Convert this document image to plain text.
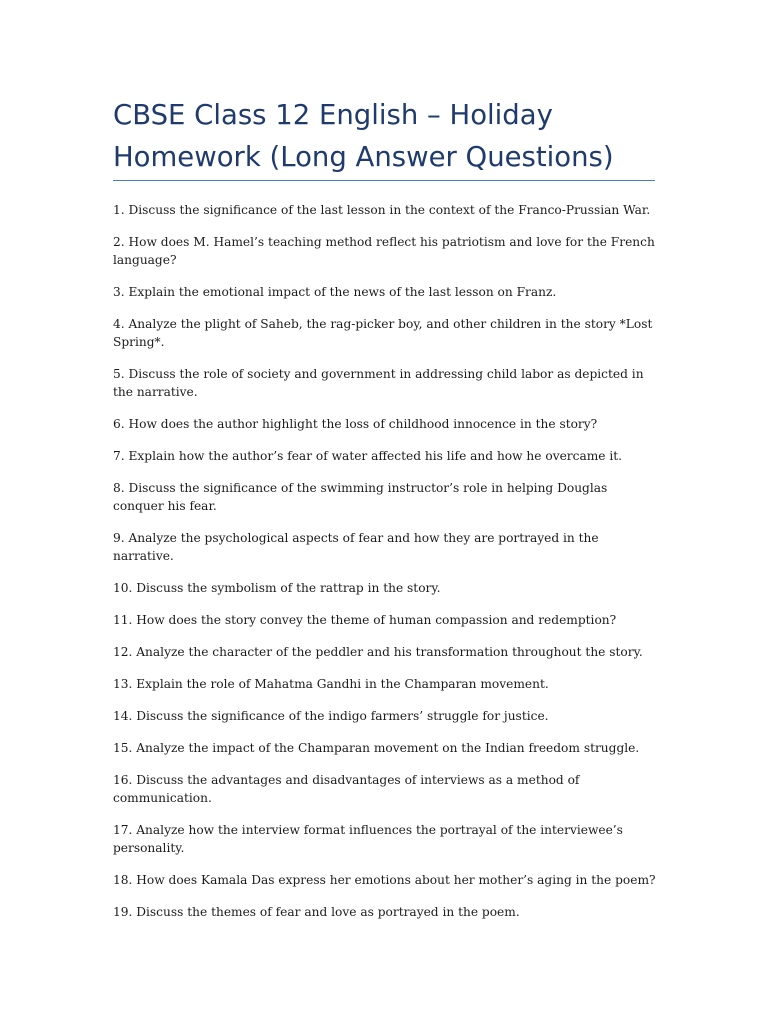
CBSE Class 12 English – Holiday Homework (Long Answer Questions)
1. Discuss the significance of the last lesson in the context of the Franco-Prussian War.
2. How does M. Hamel’s teaching method reflect his patriotism and love for the French language?
3. Explain the emotional impact of the news of the last lesson on Franz.
4. Analyze the plight of Saheb, the rag-picker boy, and other children in the story *Lost Spring*.
5. Discuss the role of society and government in addressing child labor as depicted in the narrative.
6. How does the author highlight the loss of childhood innocence in the story?
7. Explain how the author’s fear of water affected his life and how he overcame it.
8. Discuss the significance of the swimming instructor’s role in helping Douglas conquer his fear.
9. Analyze the psychological aspects of fear and how they are portrayed in the narrative.
10. Discuss the symbolism of the rattrap in the story.
11. How does the story convey the theme of human compassion and redemption?
12. Analyze the character of the peddler and his transformation throughout the story.
13. Explain the role of Mahatma Gandhi in the Champaran movement.
14. Discuss the significance of the indigo farmers’ struggle for justice.
15. Analyze the impact of the Champaran movement on the Indian freedom struggle.
16. Discuss the advantages and disadvantages of interviews as a method of communication.
17. Analyze how the interview format influences the portrayal of the interviewee’s personality.
18. How does Kamala Das express her emotions about her mother’s aging in the poem?
19. Discuss the themes of fear and love as portrayed in the poem.
